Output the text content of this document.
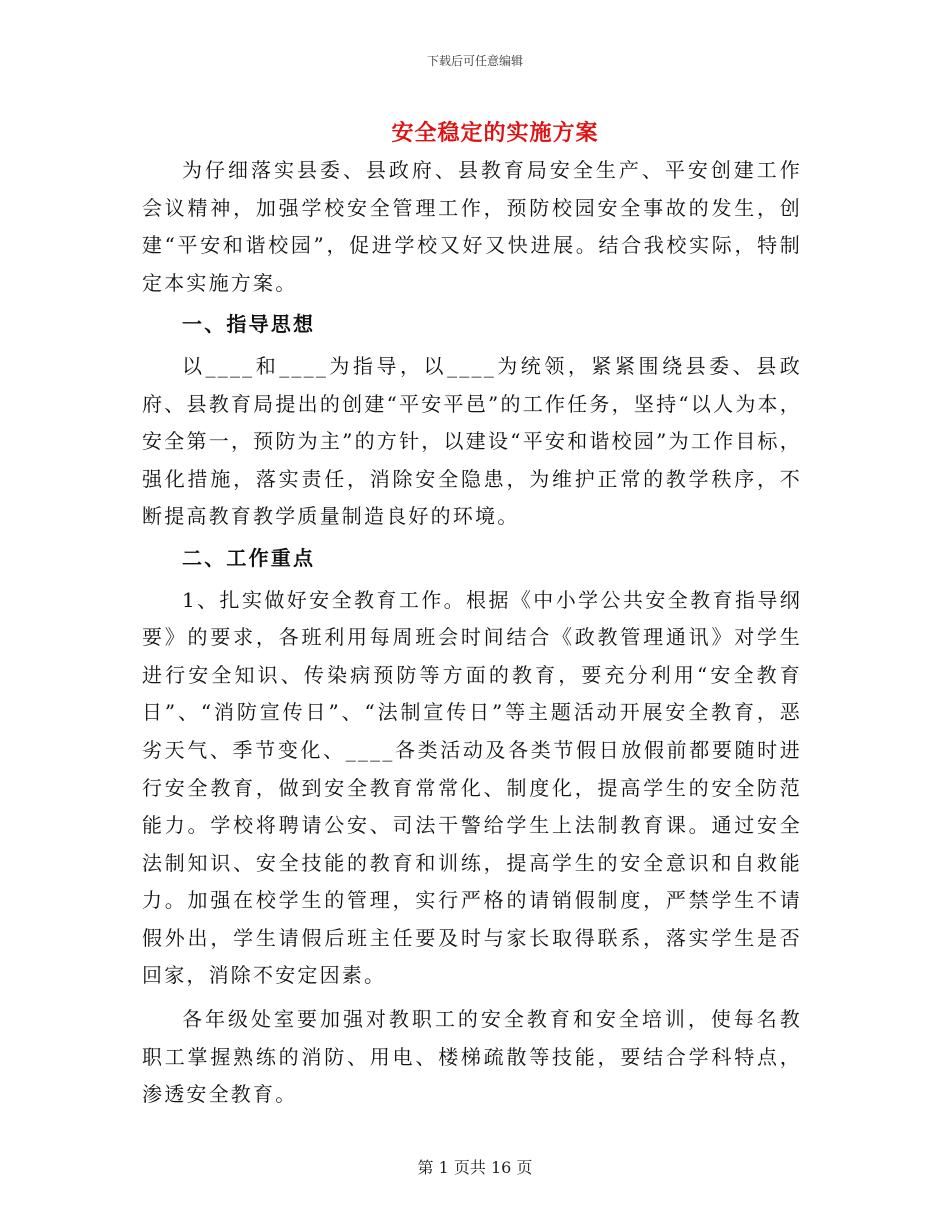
下载后可任意编辑
安全稳定的实施方案

为仔细落实县委、县政府、县教育局安全生产、平安创建工作会议精神，加强学校安全管理工作，预防校园安全事故的发生，创建“平安和谐校园”，促进学校又好又快进展。结合我校实际，特制定本实施方案。

一、指导思想

以____和____为指导，以____为统领，紧紧围绕县委、县政府、县教育局提出的创建“平安平邑”的工作任务，坚持“以人为本，安全第一，预防为主”的方针，以建设“平安和谐校园”为工作目标，强化措施，落实责任，消除安全隐患，为维护正常的教学秩序，不断提高教育教学质量制造良好的环境。

二、工作重点

1、扎实做好安全教育工作。根据《中小学公共安全教育指导纲要》的要求，各班利用每周班会时间结合《政教管理通讯》对学生进行安全知识、传染病预防等方面的教育，要充分利用“安全教育日”、“消防宣传日”、“法制宣传日”等主题活动开展安全教育，恶劣天气、季节变化、____各类活动及各类节假日放假前都要随时进行安全教育，做到安全教育常常化、制度化，提高学生的安全防范能力。学校将聘请公安、司法干警给学生上法制教育课。通过安全法制知识、安全技能的教育和训练，提高学生的安全意识和自救能力。加强在校学生的管理，实行严格的请销假制度，严禁学生不请假外出，学生请假后班主任要及时与家长取得联系，落实学生是否回家，消除不安定因素。

各年级处室要加强对教职工的安全教育和安全培训，使每名教职工掌握熟练的消防、用电、楼梯疏散等技能，要结合学科特点，渗透安全教育。

第 1 页共 16 页
